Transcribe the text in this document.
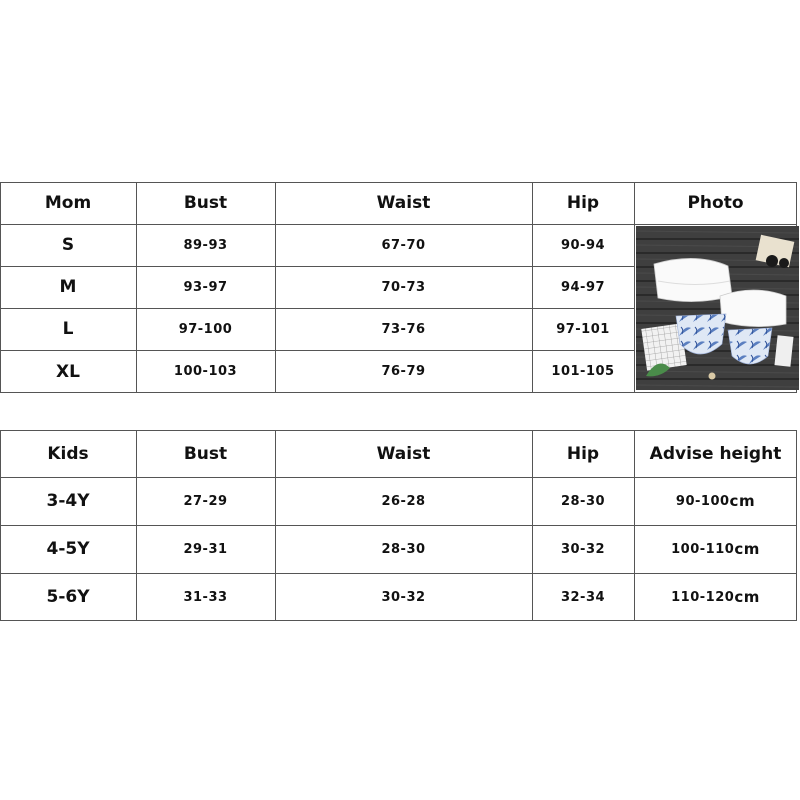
Mom	Bust	Waist	Hip	Photo
S	89-93	67-70	90-94
M	93-97	70-73	94-97
L	97-100	73-76	97-101
XL	100-103	76-79	101-105
Kids	Bust	Waist	Hip	Advise height
3-4Y	27-29	26-28	28-30	90-100 cm
4-5Y	29-31	28-30	30-32	100-110 cm
5-6Y	31-33	30-32	32-34	110-120 cm
